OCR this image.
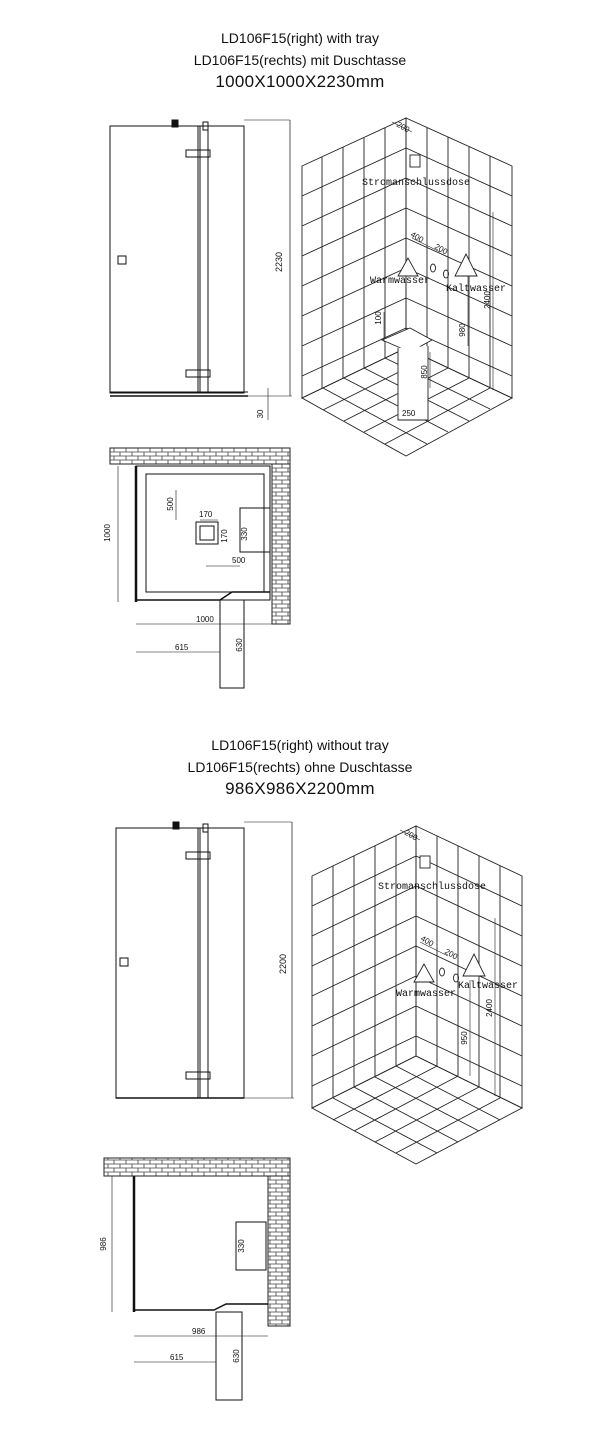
LD106F15(right) with tray
LD106F15(rechts) mit Duschtasse
1000X1000X2230mm
LD106F15(right) without tray
LD106F15(rechts) ohne Duschtasse
986X986X2200mm
2230
30
Stromanschlussdose
Warmwasser
Kaltwasser
200
400
200
2400
980
100
850
250
500
170
170 330
500
1000
1000
615	630
2200
Stromanschlussdose
Warmwasser
Kaltwasser
200
400
200
2400
950
986	330
986
615	630
